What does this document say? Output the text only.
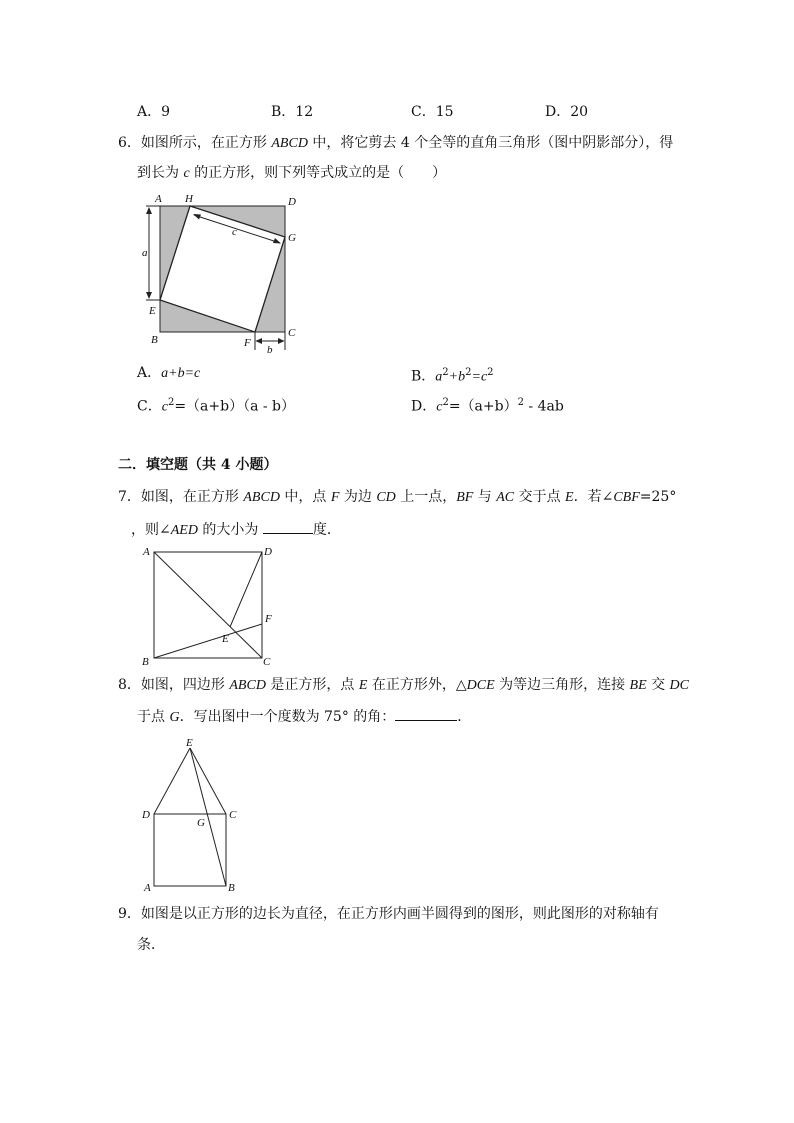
A．9	B．12	C．15	D．20
6．如图所示，在正方形 ABCD 中，将它剪去 4 个全等的直角三角形（图中阴影部分），得
到长为 c 的正方形，则下列等式成立的是（　　）
A H	D
G
E
B	F
C
a
b
c
A．a+b=c	B．$a^2+b^2=c^2$
C．$c^2=(a+b)(a - b)$	D．$c^2=(a+b)^2 - 4ab$
二．填空题（共 4 小题）
7．如图，在正方形 ABCD 中，点 F 为边 CD 上一点，BF 与 AC 交于点 E．若∠CBF=25°
，则∠AED 的大小为	度．
A	D
F
E
B	C
8．如图，四边形 ABCD 是正方形，点 E 在正方形外，△DCE 为等边三角形，连接 BE 交 DC
于点 G．写出图中一个度数为 75° 的角：	．
E
D
G
C
A	B
9．如图是以正方形的边长为直径，在正方形内画半圆得到的图形，则此图形的对称轴有
条．
